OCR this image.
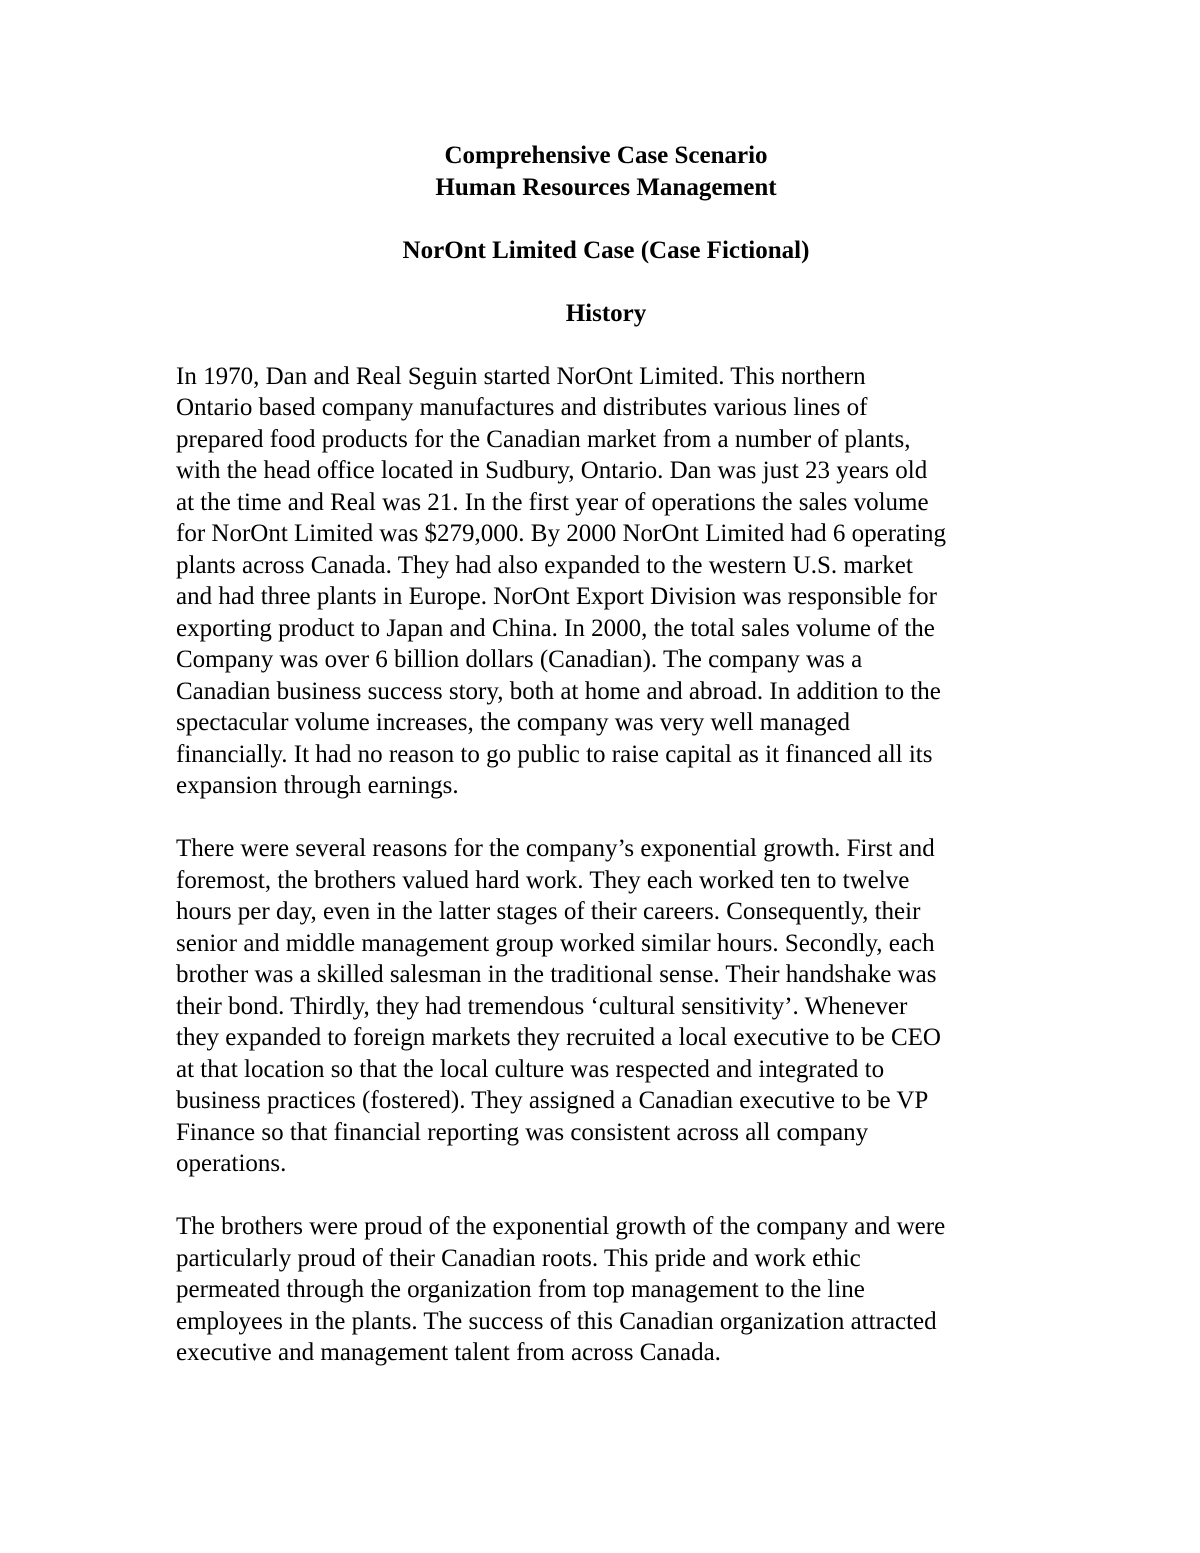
Comprehensive Case Scenario

Human Resources Management

NorOnt Limited Case (Case Fictional)

History

In 1970, Dan and Real Seguin started NorOnt Limited. This northern
Ontario based company manufactures and distributes various lines of
prepared food products for the Canadian market from a number of plants,
with the head office located in Sudbury, Ontario. Dan was just 23 years old
at the time and Real was 21. In the first year of operations the sales volume
for NorOnt Limited was $279,000. By 2000 NorOnt Limited had 6 operating
plants across Canada. They had also expanded to the western U.S. market
and had three plants in Europe. NorOnt Export Division was responsible for
exporting product to Japan and China. In 2000, the total sales volume of the
Company was over 6 billion dollars (Canadian). The company was a
Canadian business success story, both at home and abroad. In addition to the
spectacular volume increases, the company was very well managed
financially. It had no reason to go public to raise capital as it financed all its
expansion through earnings.

There were several reasons for the company’s exponential growth. First and
foremost, the brothers valued hard work. They each worked ten to twelve
hours per day, even in the latter stages of their careers. Consequently, their
senior and middle management group worked similar hours. Secondly, each
brother was a skilled salesman in the traditional sense. Their handshake was
their bond. Thirdly, they had tremendous ‘cultural sensitivity’. Whenever
they expanded to foreign markets they recruited a local executive to be CEO
at that location so that the local culture was respected and integrated to
business practices (fostered). They assigned a Canadian executive to be VP
Finance so that financial reporting was consistent across all company
operations.

The brothers were proud of the exponential growth of the company and were
particularly proud of their Canadian roots. This pride and work ethic
permeated through the organization from top management to the line
employees in the plants. The success of this Canadian organization attracted
executive and management talent from across Canada.
